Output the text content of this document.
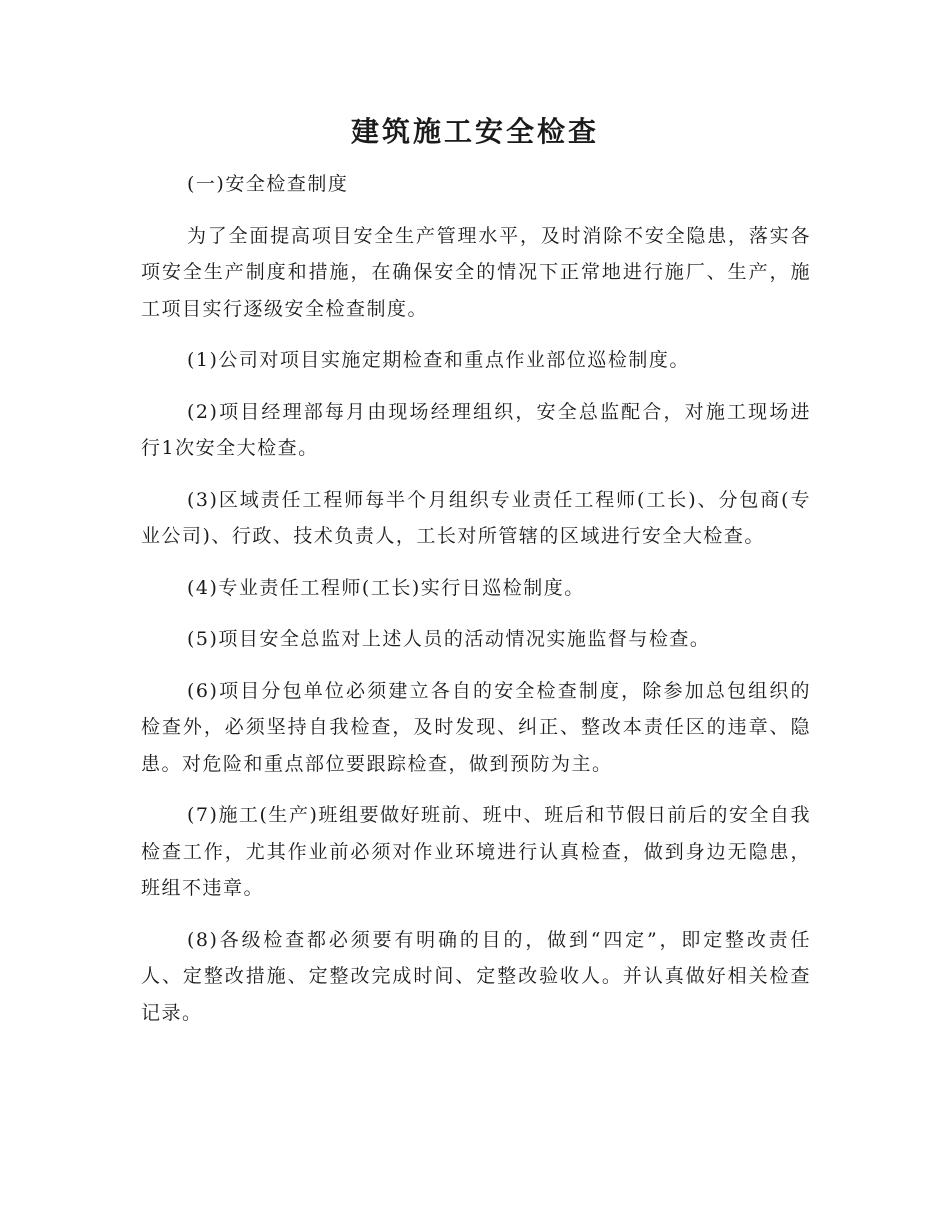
建筑施工安全检查

(一)安全检查制度

为了全面提高项目安全生产管理水平，及时消除不安全隐患，落实各项安全生产制度和措施，在确保安全的情况下正常地进行施厂、生产，施工项目实行逐级安全检查制度。

(1)公司对项目实施定期检查和重点作业部位巡检制度。

(2)项目经理部每月由现场经理组织，安全总监配合，对施工现场进行1次安全大检查。

(3)区域责任工程师每半个月组织专业责任工程师(工长)、分包商(专业公司)、行政、技术负责人，工长对所管辖的区域进行安全大检查。

(4)专业责任工程师(工长)实行日巡检制度。

(5)项目安全总监对上述人员的活动情况实施监督与检查。

(6)项目分包单位必须建立各自的安全检查制度，除参加总包组织的检查外，必须坚持自我检查，及时发现、纠正、整改本责任区的违章、隐患。对危险和重点部位要跟踪检查，做到预防为主。

(7)施工(生产)班组要做好班前、班中、班后和节假日前后的安全自我检查工作，尤其作业前必须对作业环境进行认真检查，做到身边无隐患，班组不违章。

(8)各级检查都必须要有明确的目的，做到“四定”，即定整改责任人、定整改措施、定整改完成时间、定整改验收人。并认真做好相关检查记录。
